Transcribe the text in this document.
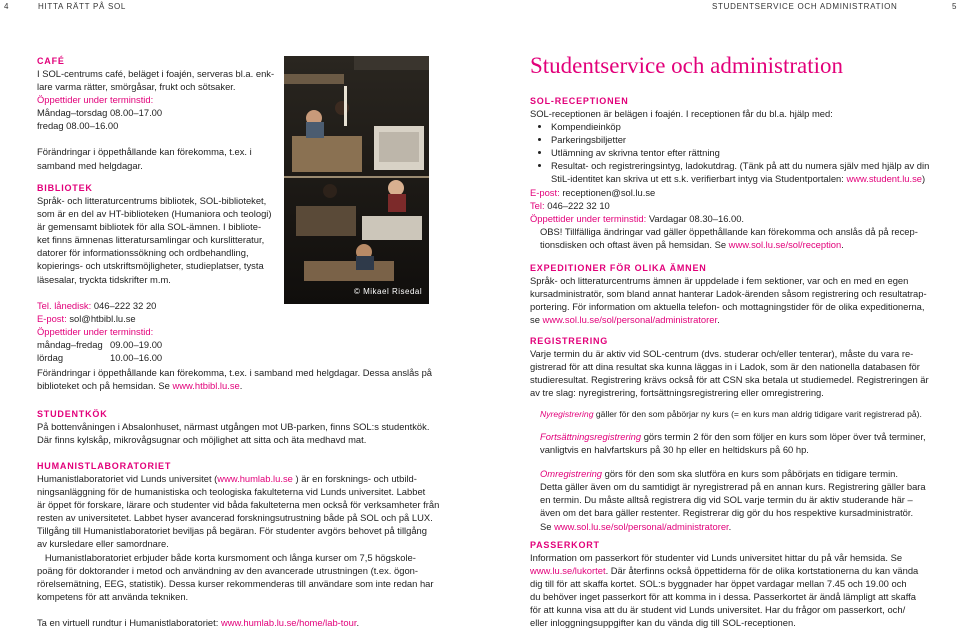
4	HITTA RÄTT PÅ SOL	STUDENTSERVICE OCH ADMINISTRATION	5
CAFÉ

I SOL-centrums café, beläget i foajén, serveras bl.a. enk-

lare varma rätter, smörgåsar, frukt och sötsaker.

Öppettider under terminstid:

Måndag–torsdag 08.00–17.00

fredag 08.00–16.00

Förändringar i öppethållande kan förekomma, t.ex. i

samband med helgdagar.

BIBLIOTEK

Språk- och litteraturcentrums bibliotek, SOL-biblioteket,

som är en del av HT-biblioteken (Humaniora och teologi)

är gemensamt bibliotek för alla SOL-ämnen. I bibliote-

ket finns ämnenas litteratursamlingar och kurslitteratur,

datorer för informationssökning och ordbehandling,

kopierings- och utskriftsmöjligheter, studieplatser, tysta

läsesalar, tryckta tidskrifter m.m.

Tel. lånedisk: 046–222 32 20

E-post: sol@htbibl.lu.se

Öppettider under terminstid:

måndag–fredag 09.00–19.00

lördag	10.00–16.00

Förändringar i öppethållande kan förekomma, t.ex. i samband med helgdagar. Dessa anslås på

biblioteket och på hemsidan. Se www.htbibl.lu.se.

© Mikael Risedal
STUDENTKÖK

På bottenvåningen i Absalonhuset, närmast utgången mot UB-parken, finns SOL:s studentkök.

Där finns kylskåp, mikrovågsugnar och möjlighet att sitta och äta medhavd mat.

HUMANISTLABORATORIET

Humanistlaboratoriet vid Lunds universitet (www.humlab.lu.se ) är en forsknings- och utbild-

ningsanläggning för de humanistiska och teologiska fakulteterna vid Lunds universitet. Labbet

är öppet för forskare, lärare och studenter vid båda fakulteterna men också för verksamheter från

resten av universitetet. Labbet hyser avancerad forskningsutrustning både på SOL och på LUX.

Tillgång till Humanistlaboratoriet beviljas på begäran. För studenter avgörs behovet på tillgång

av kursledare eller samordnare.

Humanistlaboratoriet erbjuder både korta kursmoment och långa kurser om 7,5 högskole-

poäng för doktorander i metod och användning av den avancerade utrustningen (t.ex. ögon-

rörelsemätning, EEG, statistik). Dessa kurser rekommenderas till användare som inte redan har

kompetens för att använda tekniken.

Ta en virtuell rundtur i Humanistlaboratoriet: www.humlab.lu.se/home/lab-tour.

Studentservice och administration
SOL-RECEPTIONEN

SOL-receptionen är belägen i foajén. I receptionen får du bl.a. hjälp med:

• Kompendieinköp
• Parkeringsbiljetter
• Utlämning av skrivna tentor efter rättning
• Resultat- och registreringsintyg, ladokutdrag. (Tänk på att du numera själv med hjälp av din

StiL-identitet kan skriva ut ett s.k. verifierbart intyg via Studentportalen: www.student.lu.se)

E-post: receptionen@sol.lu.se

Tel: 046–222 32 10

Öppettider under terminstid: Vardagar 08.30–16.00.

OBS! Tillfälliga ändringar vad gäller öppethållande kan förekomma och anslås då på recep-

tionsdisken och oftast även på hemsidan. Se www.sol.lu.se/sol/reception.

EXPEDITIONER FÖR OLIKA ÄMNEN

Språk- och litteraturcentrums ämnen är uppdelade i fem sektioner, var och en med en egen

kursadministratör, som bland annat hanterar Ladok-ärenden såsom registrering och resultatrap-

portering. För information om aktuella telefon- och mottagningstider för de olika expeditionerna,

se www.sol.lu.se/sol/personal/administratorer.

REGISTRERING

Varje termin du är aktiv vid SOL-centrum (dvs. studerar och/eller tenterar), måste du vara re-

gistrerad för att dina resultat ska kunna läggas in i Ladok, som är den nationella databasen för

studieresultat. Registrering krävs också för att CSN ska betala ut studiemedel. Registreringen är

av tre slag: nyregistrering, fortsättningsregistrering eller omregistrering.

Nyregistrering gäller för den som påbörjar ny kurs (= en kurs man aldrig tidigare varit registrerad på).

Fortsättningsregistrering görs termin 2 för den som följer en kurs som löper över två terminer,

vanligtvis en halvfartskurs på 30 hp eller en heltidskurs på 60 hp.

Omregistrering görs för den som ska slutföra en kurs som påbörjats en tidigare termin.

Detta gäller även om du samtidigt är nyregistrerad på en annan kurs. Registrering gäller bara

en termin. Du måste alltså registrera dig vid SOL varje termin du är aktiv studerande här –

även om det bara gäller restenter. Registrerar dig gör du hos respektive kursadministratör.

Se www.sol.lu.se/sol/personal/administratorer.

PASSERKORT

Information om passerkort för studenter vid Lunds universitet hittar du på vår hemsida. Se

www.lu.se/lukortet. Där återfinns också öppettiderna för de olika kortstationerna du kan vända

dig till för att skaffa kortet. SOL:s byggnader har öppet vardagar mellan 7.45 och 19.00 och

du behöver inget passerkort för att komma in i dessa. Passerkortet är ändå lämpligt att skaffa

för att kunna visa att du är student vid Lunds universitet. Har du frågor om passerkort, och/

eller inloggningsuppgifter kan du vända dig till SOL-receptionen.
